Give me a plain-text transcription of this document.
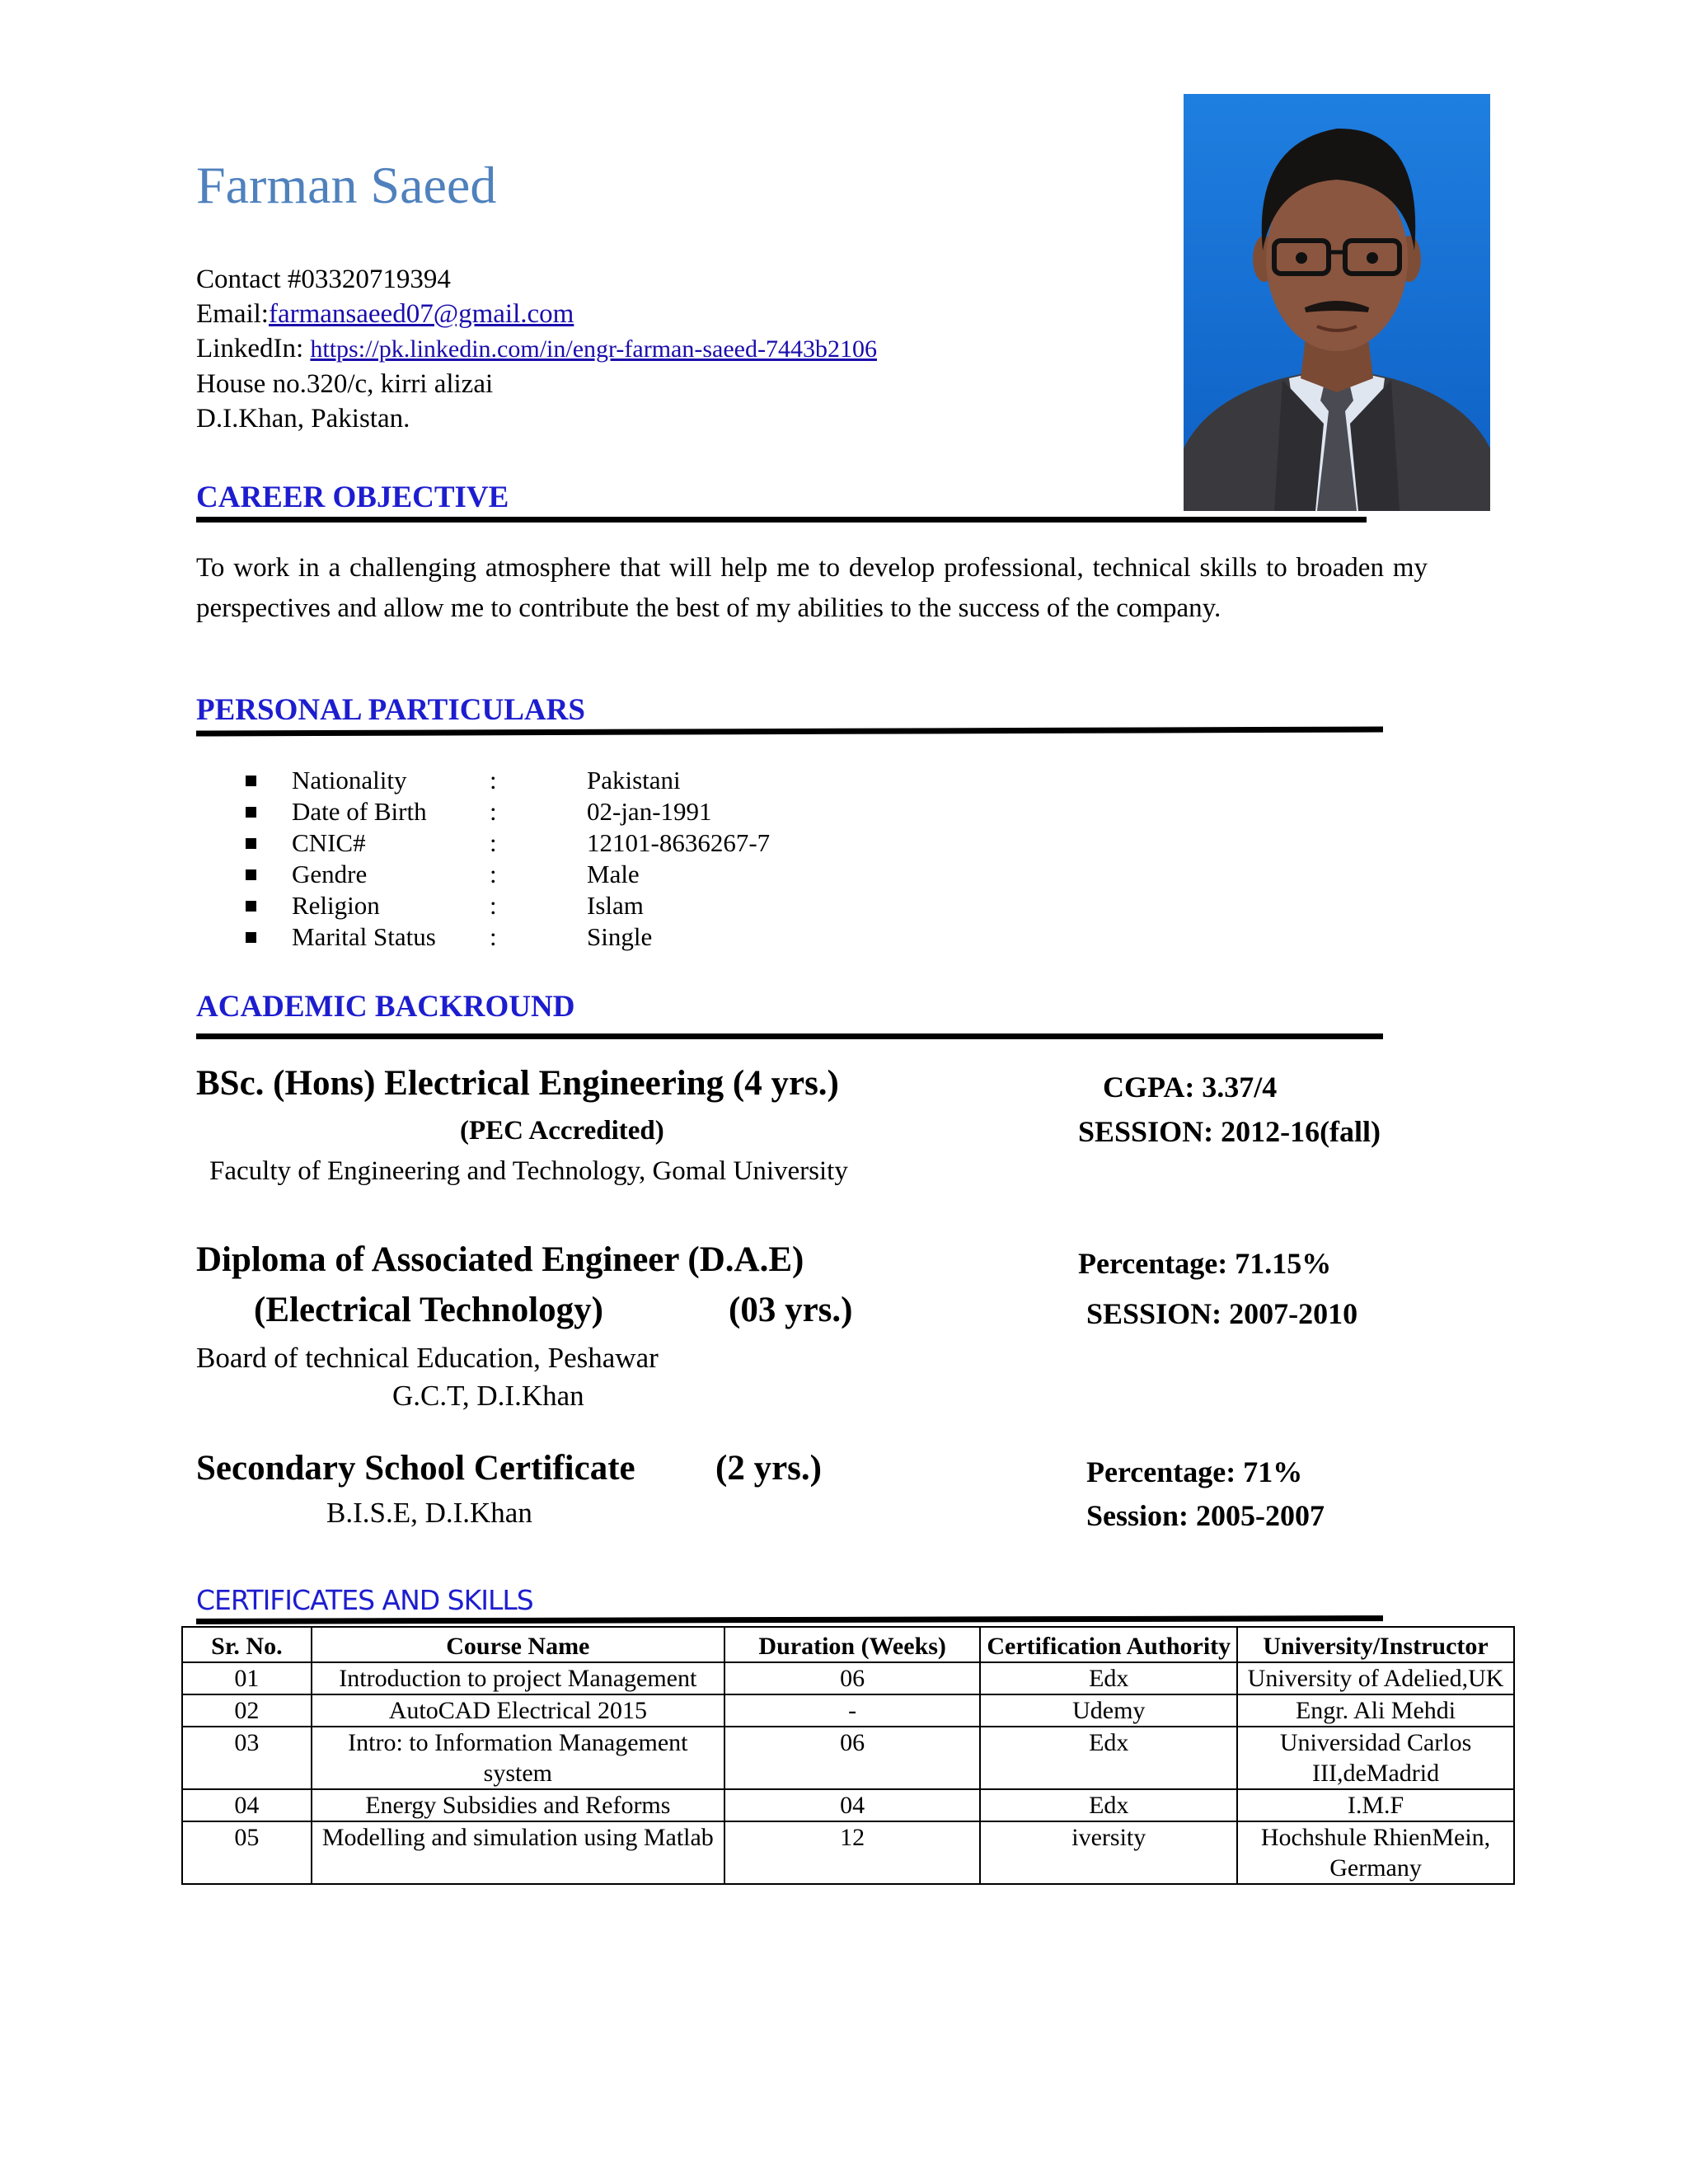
Farman Saeed
Contact #03320719394
Email:farmansaeed07@gmail.com
LinkedIn: https://pk.linkedin.com/in/engr-farman-saeed-7443b2106
House no.320/c, kirri alizai
D.I.Khan, Pakistan.
CAREER OBJECTIVE
To work in a challenging atmosphere that will help me to develop professional, technical skills to broaden my perspectives and allow me to contribute the best of my abilities to the success of the company.
PERSONAL PARTICULARS
Nationality	:	Pakistani
Date of Birth	:	02-jan-1991
CNIC#	:	12101-8636267-7
Gendre	:	Male
Religion	:	Islam
Marital Status	:	Single
ACADEMIC BACKROUND
BSc. (Hons) Electrical Engineering (4 yrs.)	CGPA: 3.37/4
(PEC Accredited)	SESSION: 2012-16(fall)
Faculty of Engineering and Technology, Gomal University
Diploma of Associated Engineer (D.A.E)	Percentage: 71.15%
(Electrical Technology)	(03 yrs.)	SESSION: 2007-2010
Board of technical Education, Peshawar
G.C.T, D.I.Khan
Secondary School Certificate (2 yrs.)	Percentage: 71%
B.I.S.E, D.I.Khan	Session: 2005-2007
CERTIFICATES AND SKILLS
Sr. No.	Course Name	Duration (Weeks)	Certification Authority	University/Instructor
01	Introduction to project Management	06	Edx	University of Adelied,UK
02	AutoCAD Electrical 2015	-	Udemy	Engr. Ali Mehdi
03	Intro: to Information Management system	06	Edx	Universidad Carlos III,deMadrid
04	Energy Subsidies and Reforms	04	Edx	I.M.F
05	Modelling and simulation using Matlab	12	iversity	Hochshule RhienMein, Germany
